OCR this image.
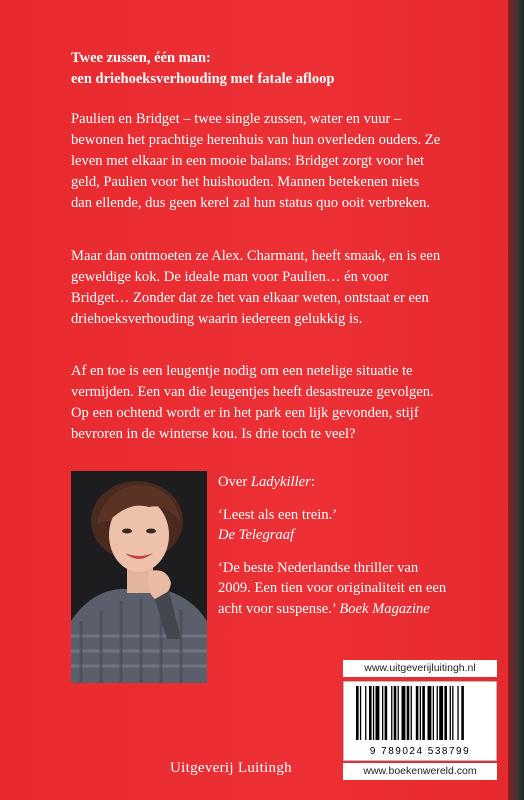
Twee zussen, één man:
een driehoeksverhouding met fatale afloop
Paulien en Bridget – twee single zussen, water en vuur – bewonen het prachtige herenhuis van hun overleden ouders. Ze leven met elkaar in een mooie balans: Bridget zorgt voor het geld, Paulien voor het huishouden. Mannen betekenen niets dan ellende, dus geen kerel zal hun status quo ooit verbreken.
Maar dan ontmoeten ze Alex. Charmant, heeft smaak, en is een geweldige kok. De ideale man voor Paulien… én voor Bridget… Zonder dat ze het van elkaar weten, ontstaat er een driehoeksverhouding waarin iedereen gelukkig is.
Af en toe is een leugentje nodig om een netelige situatie te vermijden. Een van die leugentjes heeft desastreuze gevolgen. Op een ochtend wordt er in het park een lijk gevonden, stijf bevroren in de winterse kou. Is drie toch te veel?

Over Ladykiller:

‘Leest als een trein.’
De Telegraaf

‘De beste Nederlandse thriller van 2009. Een tien voor originaliteit en een acht voor suspense.’ Boek Magazine

www.uitgeverijluitingh.nl
9 789024 538799
www.boekenwereld.com
Uitgeverij Luitingh
